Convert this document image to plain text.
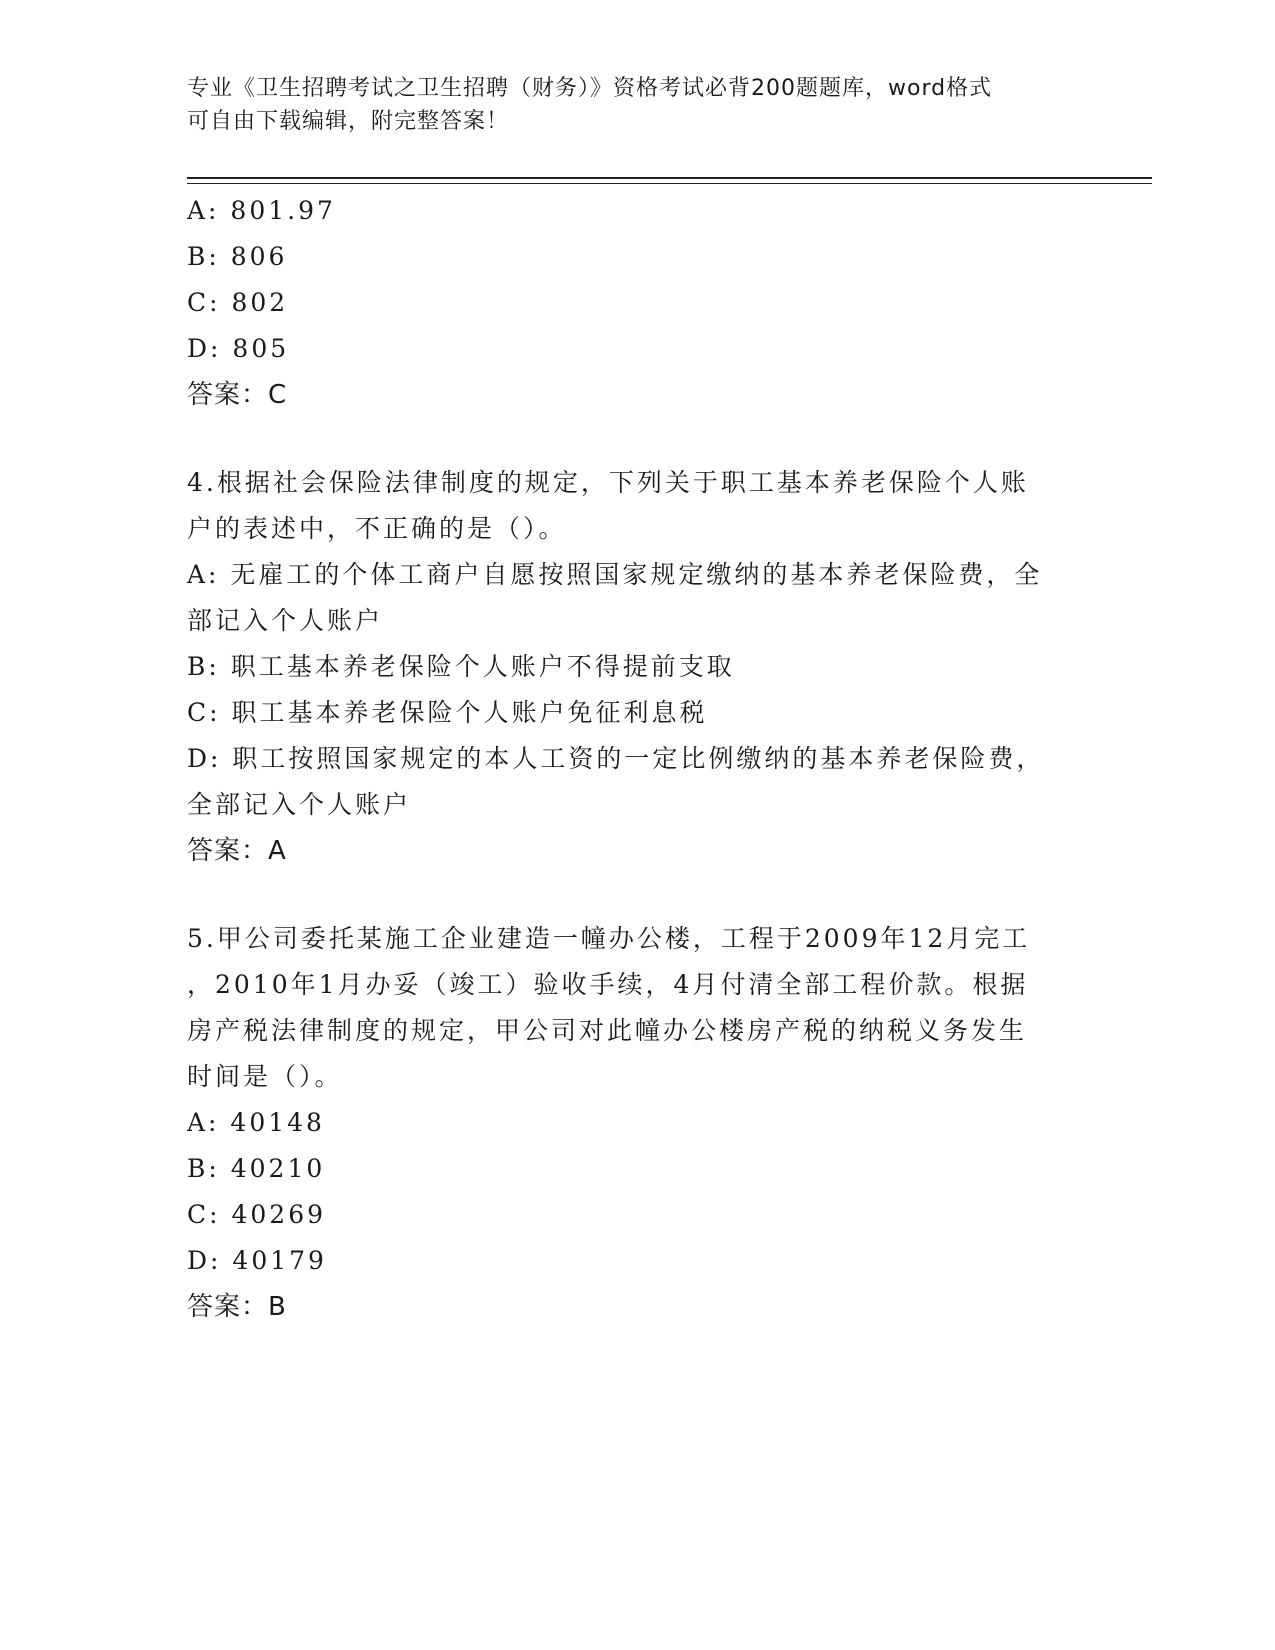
专业《卫生招聘考试之卫生招聘（财务）》资格考试必背200题题库，word格式
可自由下载编辑，附完整答案！
A: 801.97
B: 806
C: 802
D: 805
答案：C
4.根据社会保险法律制度的规定，下列关于职工基本养老保险个人账
户的表述中，不正确的是（）。
A: 无雇工的个体工商户自愿按照国家规定缴纳的基本养老保险费，全
部记入个人账户
B: 职工基本养老保险个人账户不得提前支取
C: 职工基本养老保险个人账户免征利息税
D: 职工按照国家规定的本人工资的一定比例缴纳的基本养老保险费，
全部记入个人账户
答案：A
5.甲公司委托某施工企业建造一幢办公楼，工程于2009年12月完工
，2010年1月办妥（竣工）验收手续，4月付清全部工程价款。根据
房产税法律制度的规定，甲公司对此幢办公楼房产税的纳税义务发生
时间是（）。
A: 40148
B: 40210
C: 40269
D: 40179
答案：B
